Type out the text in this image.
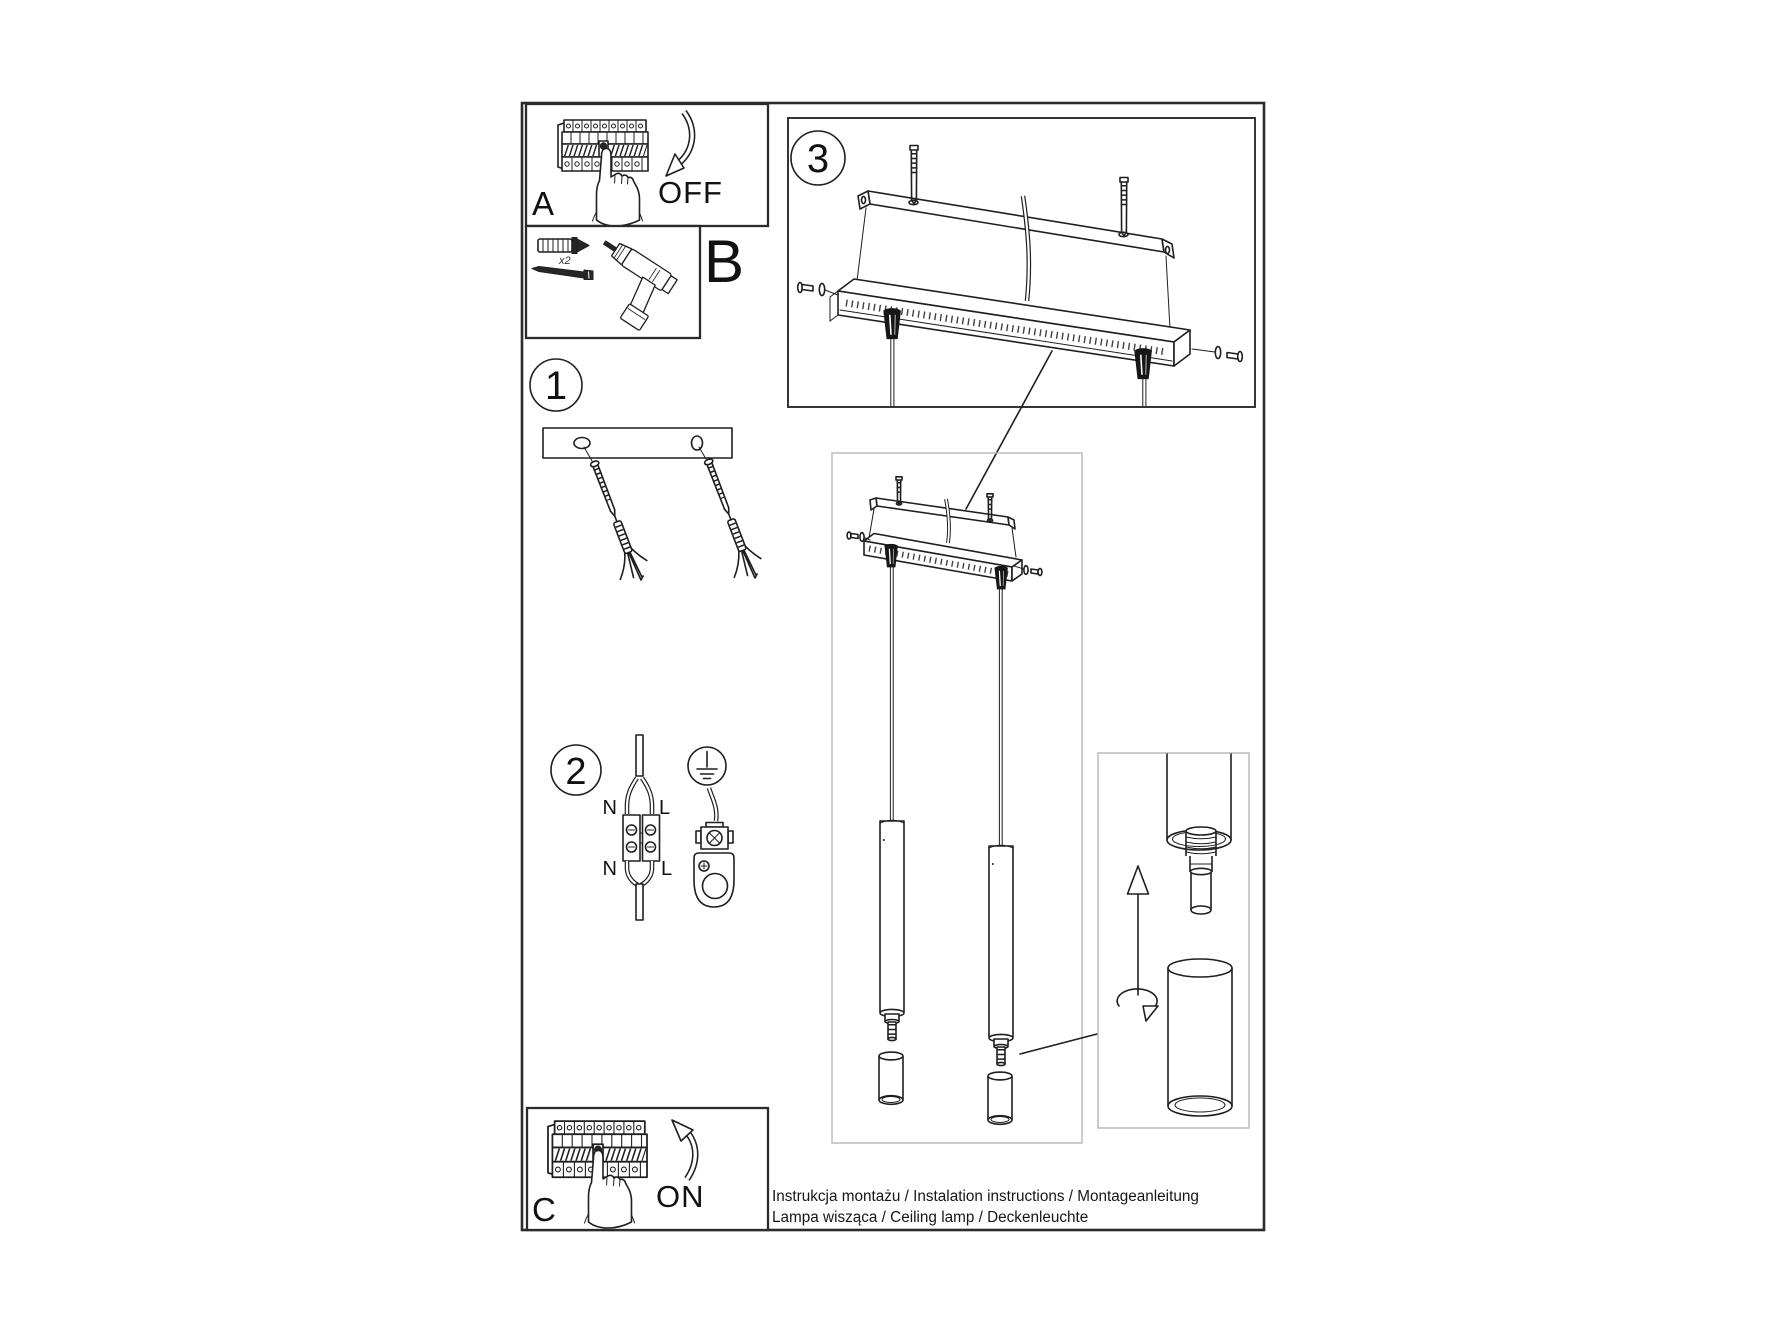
A	OFF
x2 B
1
2
N L
N L
3
C	ON	Instrukcja montażu / Instalation instructions / Montageanleitung
Lampa wisząca / Ceiling lamp / Deckenleuchte
